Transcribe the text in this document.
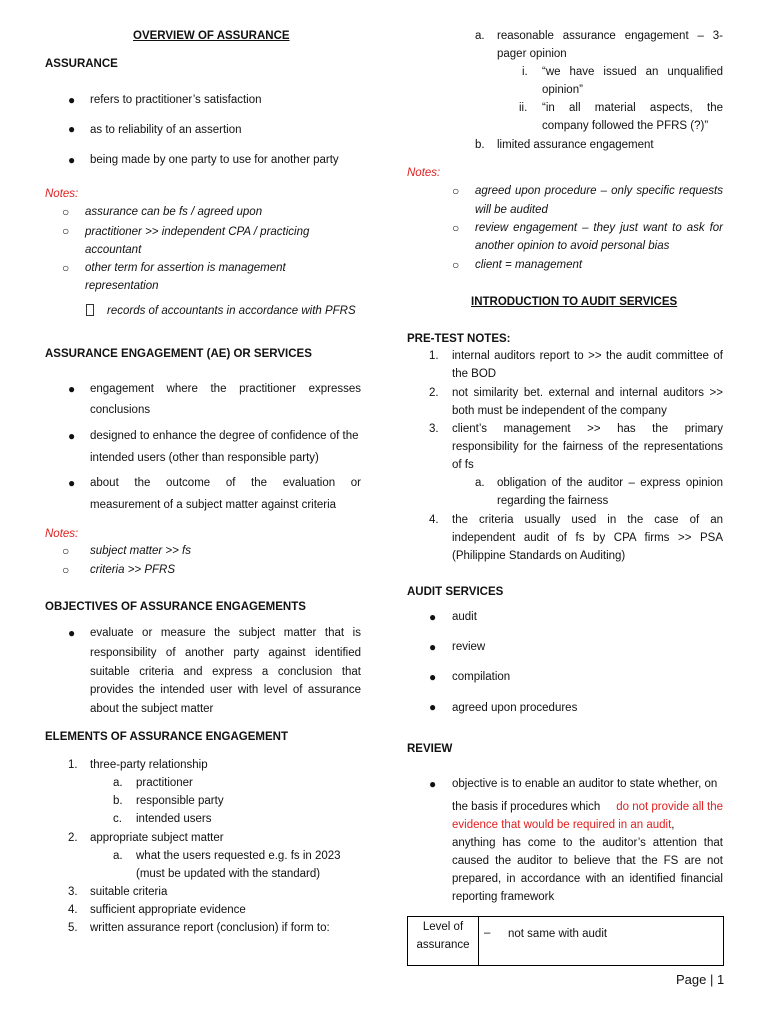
OVERVIEW OF ASSURANCE
ASSURANCE
● refers to practitioner’s satisfaction
● as to reliability of an assertion
● being made by one party to use for another party
Notes:
○ assurance can be fs / agreed upon
○ practitioner >> independent CPA / practicing
accountant
○ other term for assertion is management
representation
records of accountants in accordance with PFRS
ASSURANCE ENGAGEMENT (AE) OR SERVICES
● engagement where the practitioner expresses
conclusions
● designed to enhance the degree of confidence of the
intended users (other than responsible party)
● about the outcome of the evaluation or
measurement of a subject matter against criteria
Notes:
○ subject matter >> fs
○ criteria >> PFRS
OBJECTIVES OF ASSURANCE ENGAGEMENTS
● evaluate or measure the subject matter that is
responsibility of another party against identified
suitable criteria and express a conclusion that
provides the intended user with level of assurance
about the subject matter
ELEMENTS OF ASSURANCE ENGAGEMENT
1. three-party relationship
a. practitioner
b. responsible party
c. intended users
2. appropriate subject matter
a. what the users requested e.g. fs in 2023
(must be updated with the standard)
3. suitable criteria
4. sufficient appropriate evidence
5. written assurance report (conclusion) if form to:
a. reasonable assurance engagement – 3-
pager opinion
i. “we have issued an unqualified
opinion”
ii. “in all material aspects, the
company followed the PFRS (?)”
b. limited assurance engagement
Notes:
○ agreed upon procedure – only specific requests
will be audited
○ review engagement – they just want to ask for
another opinion to avoid personal bias
○ client = management
INTRODUCTION TO AUDIT SERVICES
PRE-TEST NOTES:
1. internal auditors report to >> the audit committee of
the BOD
2. not similarity bet. external and internal auditors >>
both must be independent of the company
3. client’s management >> has the primary
responsibility for the fairness of the representations
of fs
a. obligation of the auditor – express opinion
regarding the fairness
4. the criteria usually used in the case of an
independent audit of fs by CPA firms >> PSA
(Philippine Standards on Auditing)
AUDIT SERVICES
● audit
● review
● compilation
● agreed upon procedures
REVIEW
● objective is to enable an auditor to state whether, on
the basis if procedures which do not provide all the
evidence that would be required in an audit,
anything has come to the auditor’s attention that
caused the auditor to believe that the FS are not
prepared, in accordance with an identified financial
reporting framework
Level of
assurance
– not same with audit
Page | 1
